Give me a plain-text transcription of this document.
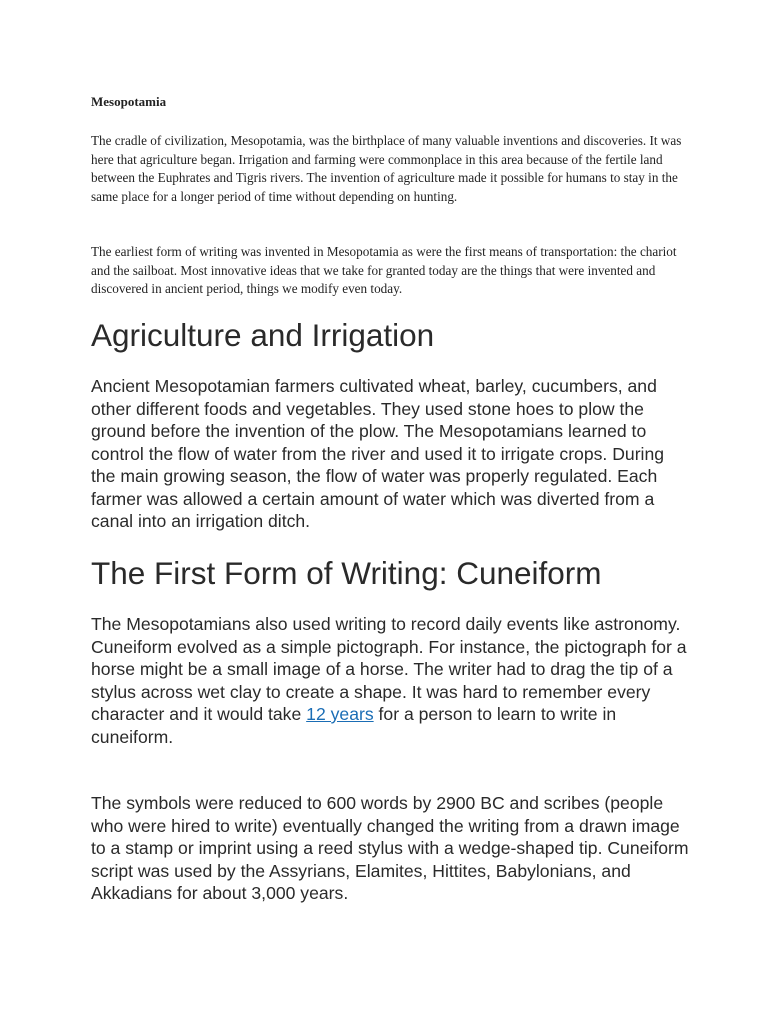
Mesopotamia

The cradle of civilization, Mesopotamia, was the birthplace of many valuable inventions and discoveries. It was here that agriculture began. Irrigation and farming were commonplace in this area because of the fertile land between the Euphrates and Tigris rivers. The invention of agriculture made it possible for humans to stay in the same place for a longer period of time without depending on hunting.

The earliest form of writing was invented in Mesopotamia as were the first means of transportation: the chariot and the sailboat. Most innovative ideas that we take for granted today are the things that were invented and discovered in ancient period, things we modify even today.

Agriculture and Irrigation

Ancient Mesopotamian farmers cultivated wheat, barley, cucumbers, and other different foods and vegetables. They used stone hoes to plow the ground before the invention of the plow. The Mesopotamians learned to control the flow of water from the river and used it to irrigate crops. During the main growing season, the flow of water was properly regulated. Each farmer was allowed a certain amount of water which was diverted from a canal into an irrigation ditch.

The First Form of Writing: Cuneiform

The Mesopotamians also used writing to record daily events like astronomy. Cuneiform evolved as a simple pictograph. For instance, the pictograph for a horse might be a small image of a horse. The writer had to drag the tip of a stylus across wet clay to create a shape. It was hard to remember every character and it would take 12 years for a person to learn to write in cuneiform.

The symbols were reduced to 600 words by 2900 BC and scribes (people who were hired to write) eventually changed the writing from a drawn image to a stamp or imprint using a reed stylus with a wedge-shaped tip. Cuneiform script was used by the Assyrians, Elamites, Hittites, Babylonians, and Akkadians for about 3,000 years.
